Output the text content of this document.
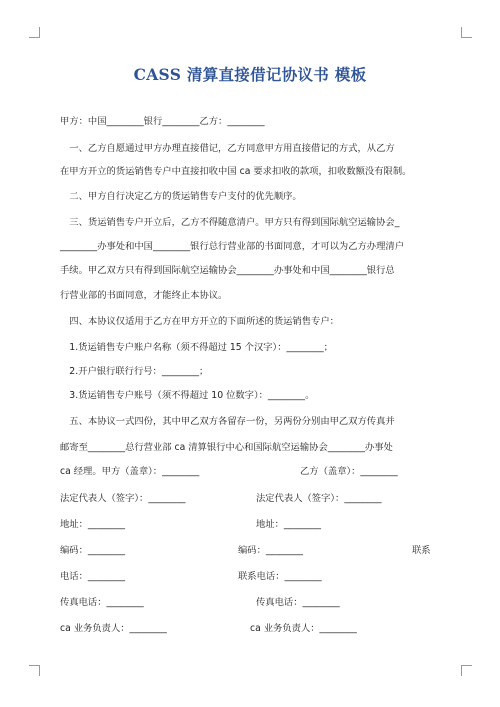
CASS 清算直接借记协议书 模板
甲方：中国________银行________乙方：________
　一、乙方自愿通过甲方办理直接借记，乙方同意甲方用直接借记的方式，从乙方
在甲方开立的货运销售专户中直接扣收中国 ca 要求扣收的款项，扣收数额没有限制。
　二、甲方自行决定乙方的货运销售专户支付的优先顺序。
　三、货运销售专户开立后，乙方不得随意清户。甲方只有得到国际航空运输协会_
________办事处和中国________银行总行营业部的书面同意，才可以为乙方办理清户
手续。甲乙双方只有得到国际航空运输协会________办事处和中国________银行总
行营业部的书面同意，才能终止本协议。
　四、本协议仅适用于乙方在甲方开立的下面所述的货运销售专户：
　1.货运销售专户账户名称（须不得超过 15 个汉字）：________；
　2.开户银行联行行号：________；
　3.货运销售专户账号（须不得超过 10 位数字）：________。
　五、本协议一式四份，其中甲乙双方各留存一份，另两份分别由甲乙双方传真并
邮寄至________总行营业部 ca 清算银行中心和国际航空运输协会________办事处
ca 经理。甲方（盖章）：________	乙方（盖章）：________
法定代表人（签字）：________	法定代表人（签字）：________
地址：________	地址：________
编码：________	编码：________	联系
电话：________	联系电话：________
传真电话：________	传真电话：________
ca 业务负责人：________	ca 业务负责人：________
